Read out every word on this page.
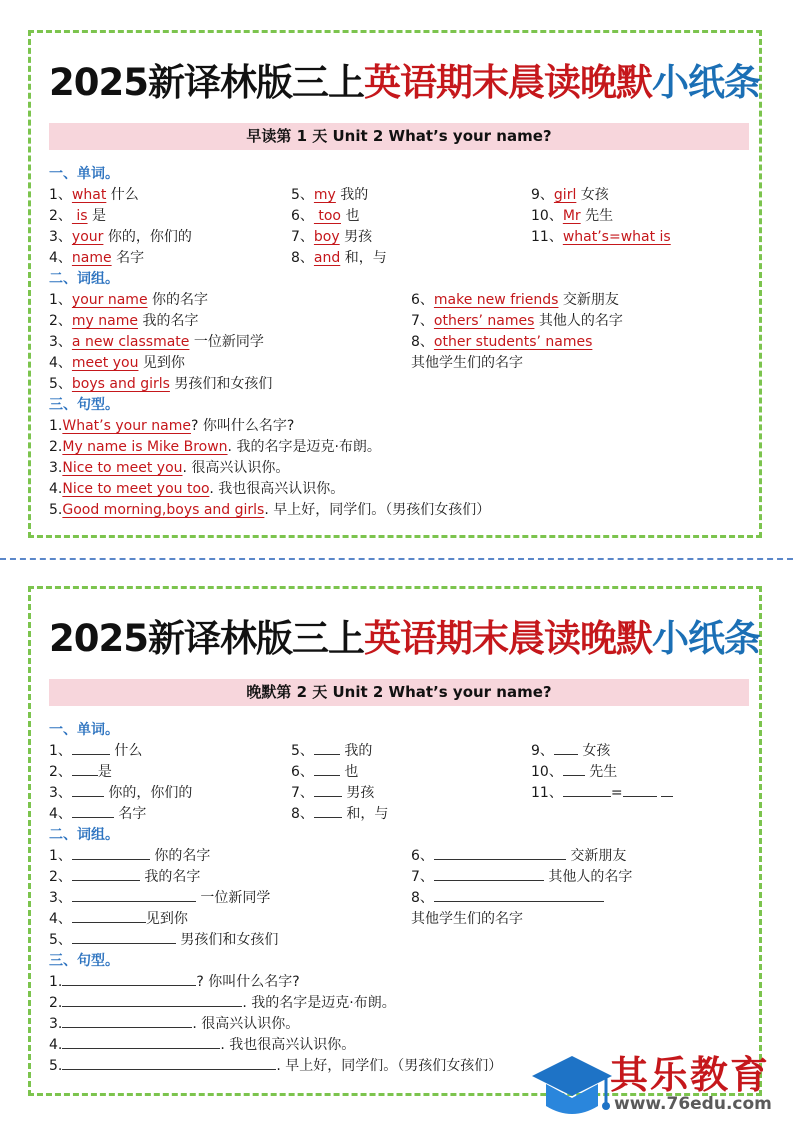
2025新译林版三上英语期末晨读晚默小纸条
早读第 1 天 Unit 2 What’s your name?
一、单词。
1、what 什么	5、my 我的	9、girl 女孩
2、 is 是	6、 too 也	10、Mr 先生
3、your 你的，你们的	7、boy 男孩	11、what’s=what is
4、name 名字	8、and 和，与
二、词组。
1、your name 你的名字	6、make new friends 交新朋友
2、my name 我的名字	7、others’ names 其他人的名字
3、a new classmate 一位新同学	8、other students’ names
4、meet you 见到你	其他学生们的名字
5、boys and girls 男孩们和女孩们
三、句型。
1.What’s your name? 你叫什么名字?
2.My name is Mike Brown. 我的名字是迈克·布朗。
3.Nice to meet you. 很高兴认识你。
4.Nice to meet you too. 我也很高兴认识你。
5.Good morning,boys and girls. 早上好，同学们。（男孩们女孩们）
2025新译林版三上英语期末晨读晚默小纸条
晚默第 2 天 Unit 2 What’s your name?
一、单词。
1、	什么	5、 我的	9、 女孩
2、 是	6、 也	10、 先生
3、 你的，你们的	7、 男孩	11、	=
4、	名字	8、 和，与
二、词组。
1、	你的名字	6、	交新朋友
2、	我的名字	7、	其他人的名字
3、	一位新同学	8、
4、	见到你	其他学生们的名字
5、	男孩们和女孩们
三、句型。
1.	? 你叫什么名字?
2.	. 我的名字是迈克·布朗。
3.	. 很高兴认识你。
4.	. 我也很高兴认识你。
5.	. 早上好，同学们。（男孩们女孩们）	其乐教育
www.76edu.com
